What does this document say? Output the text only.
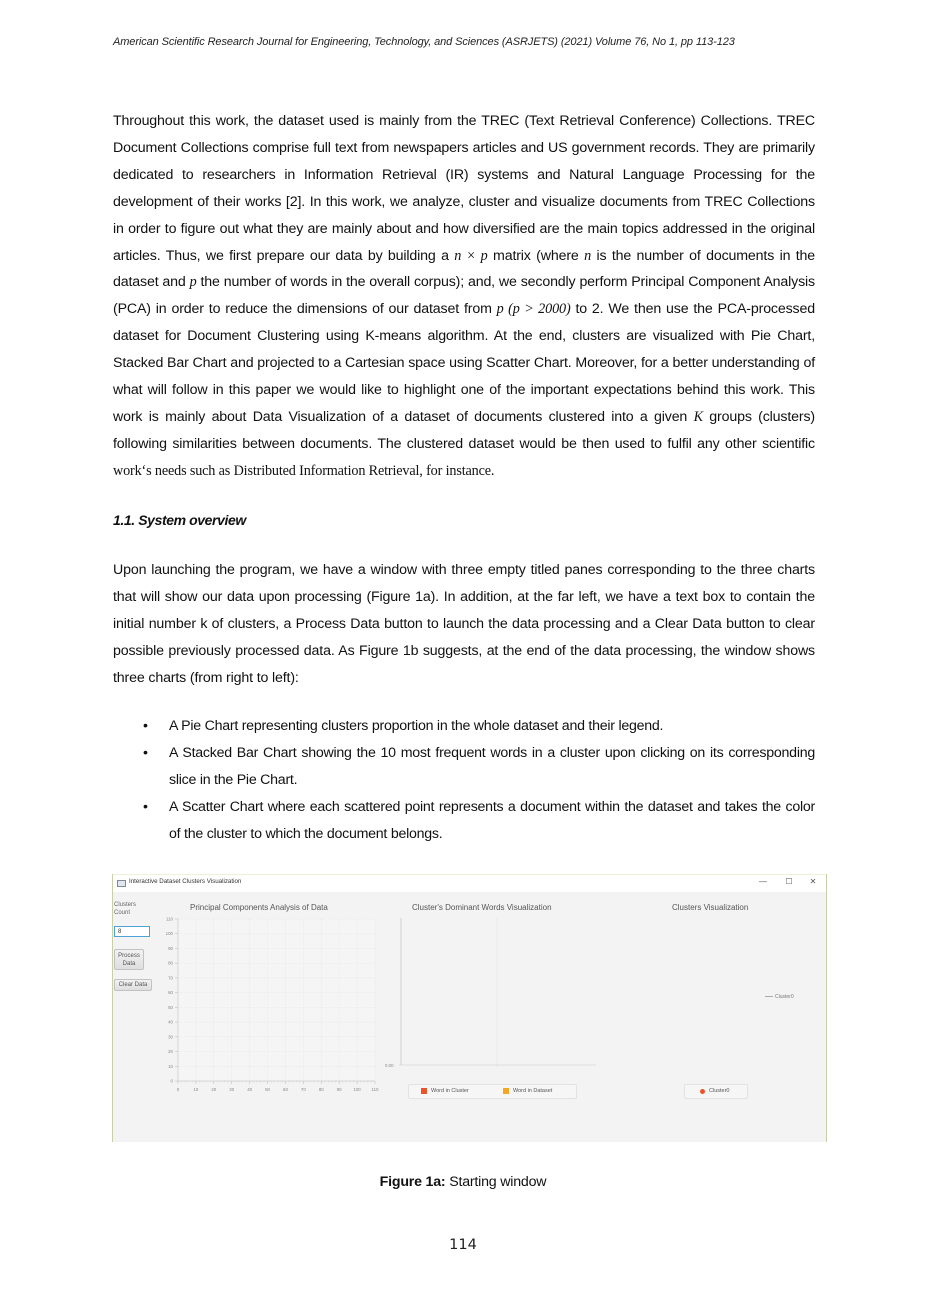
American Scientific Research Journal for Engineering, Technology, and Sciences (ASRJETS) (2021) Volume 76, No 1, pp 113-123
Throughout this work, the dataset used is mainly from the TREC (Text Retrieval Conference) Collections. TREC Document Collections comprise full text from newspapers articles and US government records. They are primarily dedicated to researchers in Information Retrieval (IR) systems and Natural Language Processing for the development of their works [2]. In this work, we analyze, cluster and visualize documents from TREC Collections in order to figure out what they are mainly about and how diversified are the main topics addressed in the original articles. Thus, we first prepare our data by building a n × p matrix (where n is the number of documents in the dataset and p the number of words in the overall corpus); and, we secondly perform Principal Component Analysis (PCA) in order to reduce the dimensions of our dataset from p (p > 2000) to 2. We then use the PCA-processed dataset for Document Clustering using K-means algorithm. At the end, clusters are visualized with Pie Chart, Stacked Bar Chart and projected to a Cartesian space using Scatter Chart. Moreover, for a better understanding of what will follow in this paper we would like to highlight one of the important expectations behind this work. This work is mainly about Data Visualization of a dataset of documents clustered into a given K groups (clusters) following similarities between documents. The clustered dataset would be then used to fulfil any other scientific work‘s needs such as Distributed Information Retrieval, for instance.
1.1. System overview
Upon launching the program, we have a window with three empty titled panes corresponding to the three charts that will show our data upon processing (Figure 1a). In addition, at the far left, we have a text box to contain the initial number k of clusters, a Process Data button to launch the data processing and a Clear Data button to clear possible previously processed data. As Figure 1b suggests, at the end of the data processing, the window shows three charts (from right to left):
• A Pie Chart representing clusters proportion in the whole dataset and their legend.
• A Stacked Bar Chart showing the 10 most frequent words in a cluster upon clicking on its corresponding slice in the Pie Chart.
• A Scatter Chart where each scattered point represents a document within the dataset and takes the color of the cluster to which the document belongs.
Interactive Dataset Clusters Visualization	—	☐	✕
Clusters
Count
8
Process
Data
Clear Data
Principal Components Analysis of Data	Cluster's Dominant Words Visualization	Clusters Visualization
0	10	20	30	40	50	60	70	80	90	100 110
0
10
20
30
40
50
60
70
80
90
100
110
0.00
Word in Cluster	Word in Dataset
Cluster0
Cluster0
Figure 1a: Starting window
114
